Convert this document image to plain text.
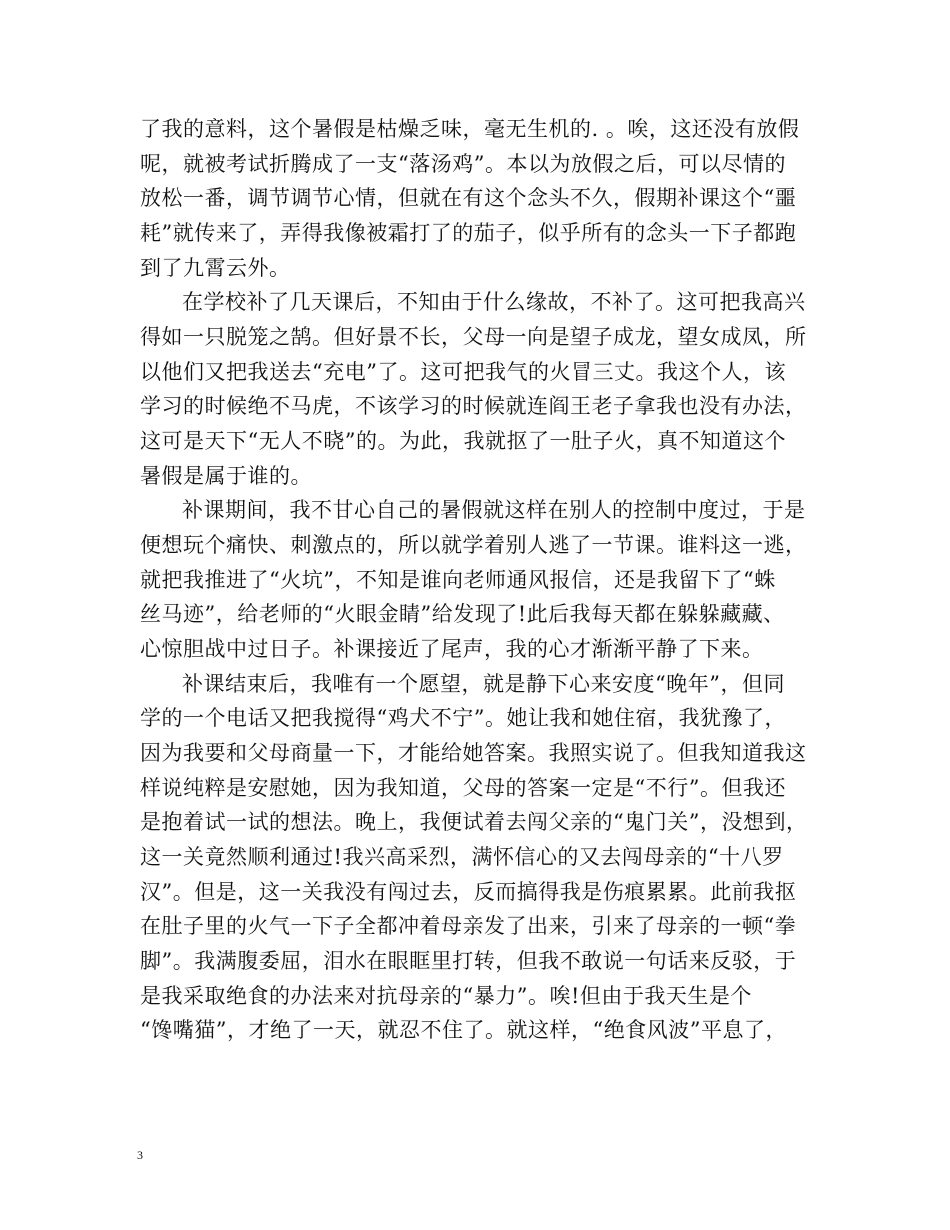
了我的意料，这个暑假是枯燥乏味，毫无生机的. 。唉，这还没有放假
呢，就被考试折腾成了一支“落汤鸡”。本以为放假之后，可以尽情的
放松一番，调节调节心情，但就在有这个念头不久，假期补课这个“噩
耗”就传来了，弄得我像被霜打了的茄子，似乎所有的念头一下子都跑
到了九霄云外。
在学校补了几天课后，不知由于什么缘故，不补了。这可把我高兴
得如一只脱笼之鹄。但好景不长，父母一向是望子成龙，望女成凤，所
以他们又把我送去“充电”了。这可把我气的火冒三丈。我这个人，该
学习的时候绝不马虎，不该学习的时候就连阎王老子拿我也没有办法，
这可是天下“无人不晓”的。为此，我就抠了一肚子火，真不知道这个
暑假是属于谁的。
补课期间，我不甘心自己的暑假就这样在别人的控制中度过，于是
便想玩个痛快、刺激点的，所以就学着别人逃了一节课。谁料这一逃，
就把我推进了“火坑”，不知是谁向老师通风报信，还是我留下了“蛛
丝马迹”，给老师的“火眼金睛”给发现了!此后我每天都在躲躲藏藏、
心惊胆战中过日子。补课接近了尾声，我的心才渐渐平静了下来。
补课结束后，我唯有一个愿望，就是静下心来安度“晚年”，但同
学的一个电话又把我搅得“鸡犬不宁”。她让我和她住宿，我犹豫了，
因为我要和父母商量一下，才能给她答案。我照实说了。但我知道我这
样说纯粹是安慰她，因为我知道，父母的答案一定是“不行”。但我还
是抱着试一试的想法。晚上，我便试着去闯父亲的“鬼门关”，没想到，
这一关竟然顺利通过!我兴高采烈，满怀信心的又去闯母亲的“十八罗
汉”。但是，这一关我没有闯过去，反而搞得我是伤痕累累。此前我抠
在肚子里的火气一下子全都冲着母亲发了出来，引来了母亲的一顿“拳
脚”。我满腹委屈，泪水在眼眶里打转，但我不敢说一句话来反驳，于
是我采取绝食的办法来对抗母亲的“暴力”。唉!但由于我天生是个
“馋嘴猫”，才绝了一天，就忍不住了。就这样，“绝食风波”平息了，
3
